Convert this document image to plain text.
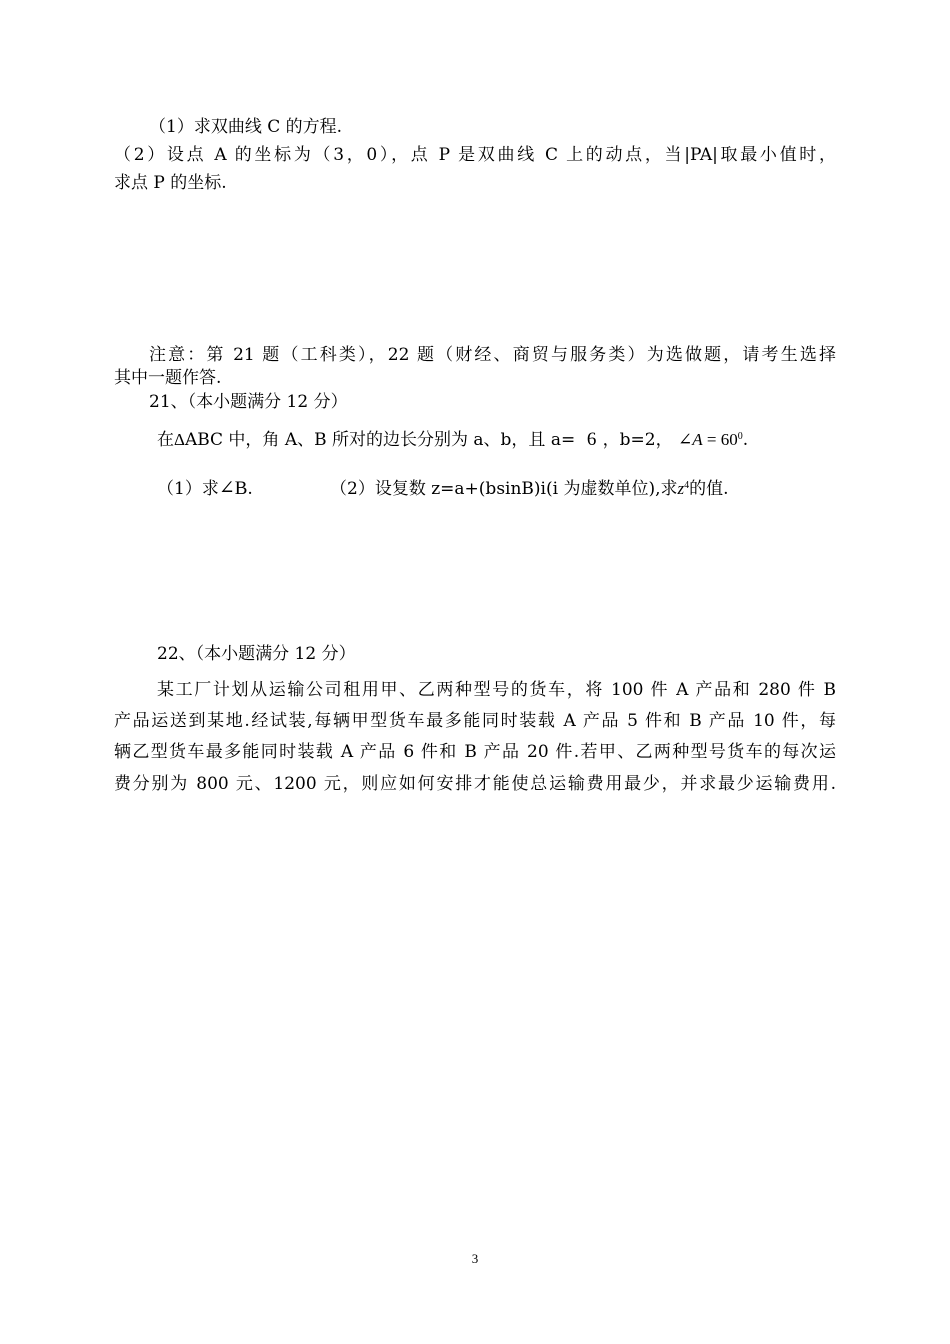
（1）求双曲线 C 的方程.
（2）设点 A 的坐标为（3，0），点 P 是双曲线 C 上的动点，当|PA|取最小值时，
求点 P 的坐标.
注意：第 21 题（工科类），22 题（财经、商贸与服务类）为选做题，请考生选择
其中一题作答.
21、（本小题满分 12 分）
在ΔABC 中，角 A、B 所对的边长分别为 a、b，且 a= 6 ，b=2， ∠A = $60^0$.
（1）求∠B.	（2）设复数 z=a+(bsinB)i(i 为虚数单位),求$z^4$的值.
22、（本小题满分 12 分）
某工厂计划从运输公司租用甲、乙两种型号的货车，将 100 件 A 产品和 280 件 B
产品运送到某地.经试装,每辆甲型货车最多能同时装载 A 产品 5 件和 B 产品 10 件，每
辆乙型货车最多能同时装载 A 产品 6 件和 B 产品 20 件.若甲、乙两种型号货车的每次运
费分别为 800 元、1200 元，则应如何安排才能使总运输费用最少，并求最少运输费用.
3
